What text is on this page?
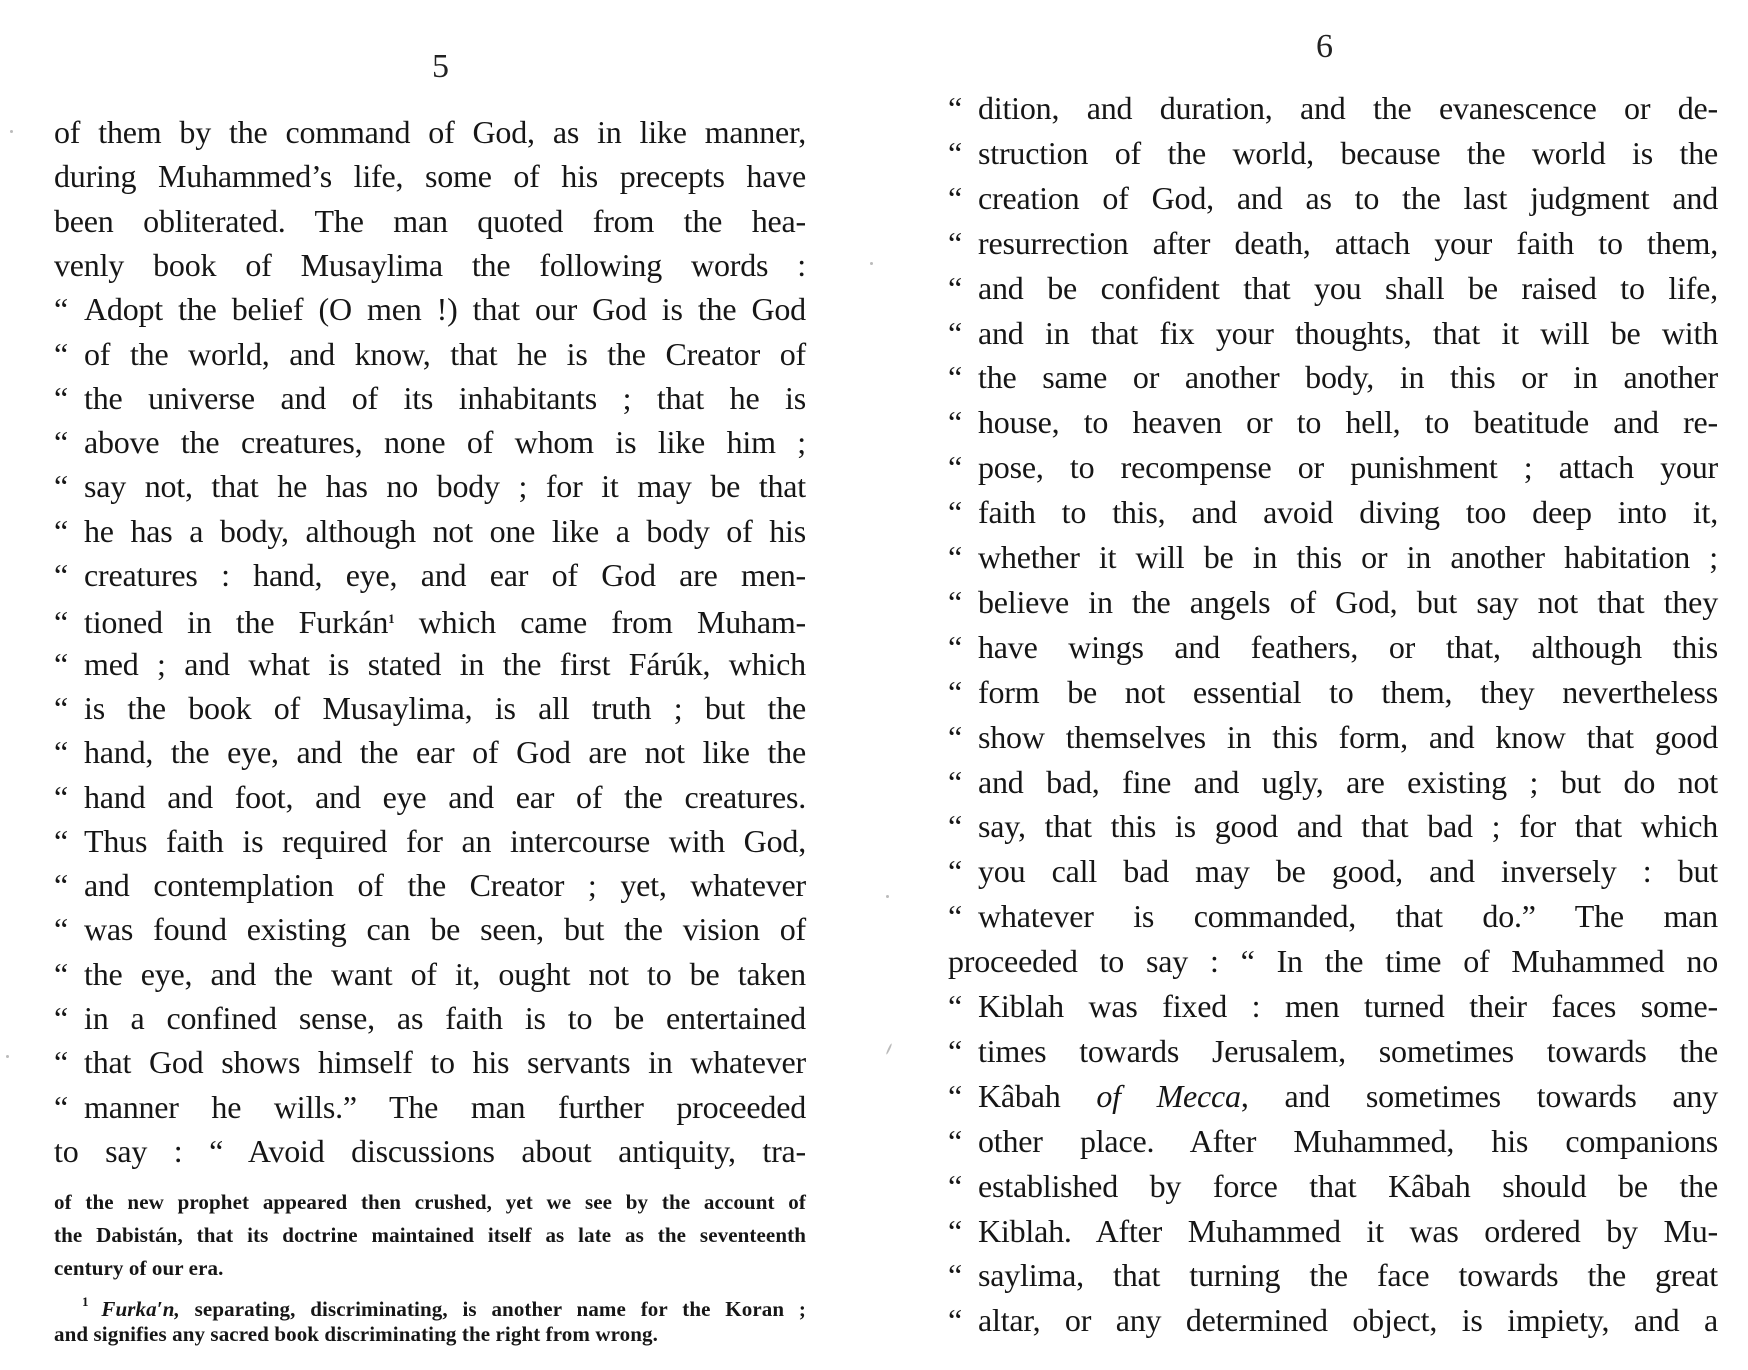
5
of them by the command of God, as in like manner,
during Muhammed’s life, some of his precepts have
been obliterated. The man quoted from the hea-
venly book of Musaylima the following words :
“ Adopt the belief (O men !) that our God is the God
“ of the world, and know, that he is the Creator of
“ the universe and of its inhabitants ; that he is
“ above the creatures, none of whom is like him ;
“ say not, that he has no body ; for it may be that
“ he has a body, although not one like a body of his
“ creatures : hand, eye, and ear of God are men-
“ tioned in the Furkán$^1$ which came from Muham-
“ med ; and what is stated in the first Fárúk, which
“ is the book of Musaylima, is all truth ; but the
“ hand, the eye, and the ear of God are not like the
“ hand and foot, and eye and ear of the creatures.
“ Thus faith is required for an intercourse with God,
“ and contemplation of the Creator ; yet, whatever
“ was found existing can be seen, but the vision of
“ the eye, and the want of it, ought not to be taken
“ in a confined sense, as faith is to be entertained
“ that God shows himself to his servants in whatever
“ manner he wills.” The man further proceeded
to say : “ Avoid discussions about antiquity, tra-
of the new prophet appeared then crushed, yet we see by the account of
the Dabistán, that its doctrine maintained itself as late as the seventeenth
century of our era.
$^1$ Furka′n, separating, discriminating, is another name for the Koran ;
and signifies any sacred book discriminating the right from wrong.
6
“ dition, and duration, and the evanescence or de-
“ struction of the world, because the world is the
“ creation of God, and as to the last judgment and
“ resurrection after death, attach your faith to them,
“ and be confident that you shall be raised to life,
“ and in that fix your thoughts, that it will be with
“ the same or another body, in this or in another
“ house, to heaven or to hell, to beatitude and re-
“ pose, to recompense or punishment ; attach your
“ faith to this, and avoid diving too deep into it,
“ whether it will be in this or in another habitation ;
“ believe in the angels of God, but say not that they
“ have wings and feathers, or that, although this
“ form be not essential to them, they nevertheless
“ show themselves in this form, and know that good
“ and bad, fine and ugly, are existing ; but do not
“ say, that this is good and that bad ; for that which
“ you call bad may be good, and inversely : but
“ whatever is commanded, that do.” The man
proceeded to say : “ In the time of Muhammed no
“ Kiblah was fixed : men turned their faces some-
“ times towards Jerusalem, sometimes towards the
“ Kâbah of Mecca, and sometimes towards any
“ other place. After Muhammed, his companions
“ established by force that Kâbah should be the
“ Kiblah. After Muhammed it was ordered by Mu-
“ saylima, that turning the face towards the great
“ altar, or any determined object, is impiety, and a
